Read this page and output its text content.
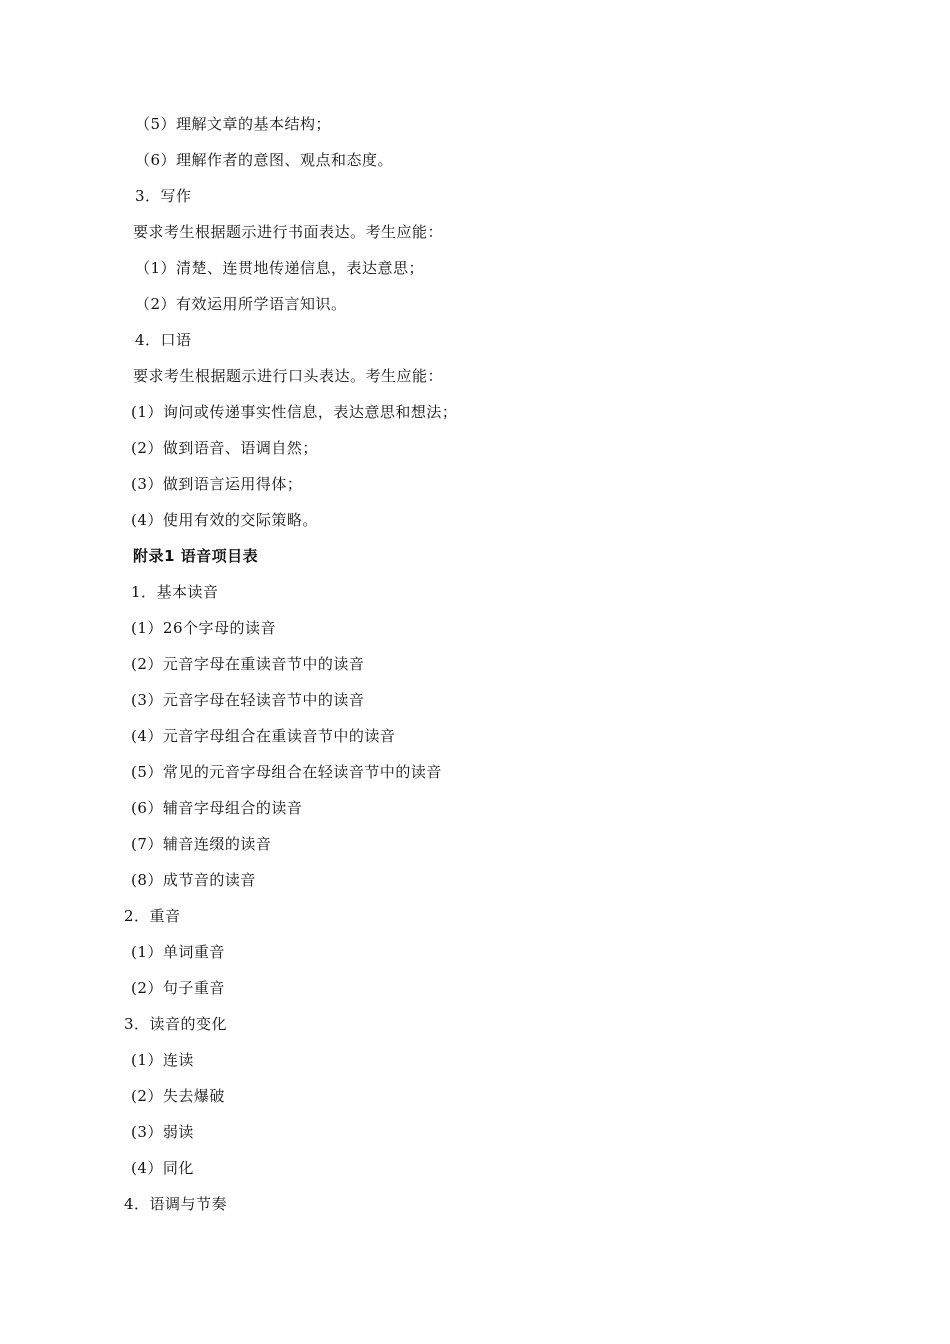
（5）理解文章的基本结构；
（6）理解作者的意图、观点和态度。
3．写作
要求考生根据题示进行书面表达。考生应能：
（1）清楚、连贯地传递信息，表达意思；
（2）有效运用所学语言知识。
4．口语
要求考生根据题示进行口头表达。考生应能：
(1）询问或传递事实性信息，表达意思和想法；
(2）做到语音、语调自然；
(3）做到语言运用得体；
(4）使用有效的交际策略。
附录1 语音项目表
1．基本读音
(1）26个字母的读音
(2）元音字母在重读音节中的读音
(3）元音字母在轻读音节中的读音
(4）元音字母组合在重读音节中的读音
(5）常见的元音字母组合在轻读音节中的读音
(6）辅音字母组合的读音
(7）辅音连缀的读音
(8）成节音的读音
2．重音
(1）单词重音
(2）句子重音
3．读音的变化
(1）连读
(2）失去爆破
(3）弱读
(4）同化
4．语调与节奏
